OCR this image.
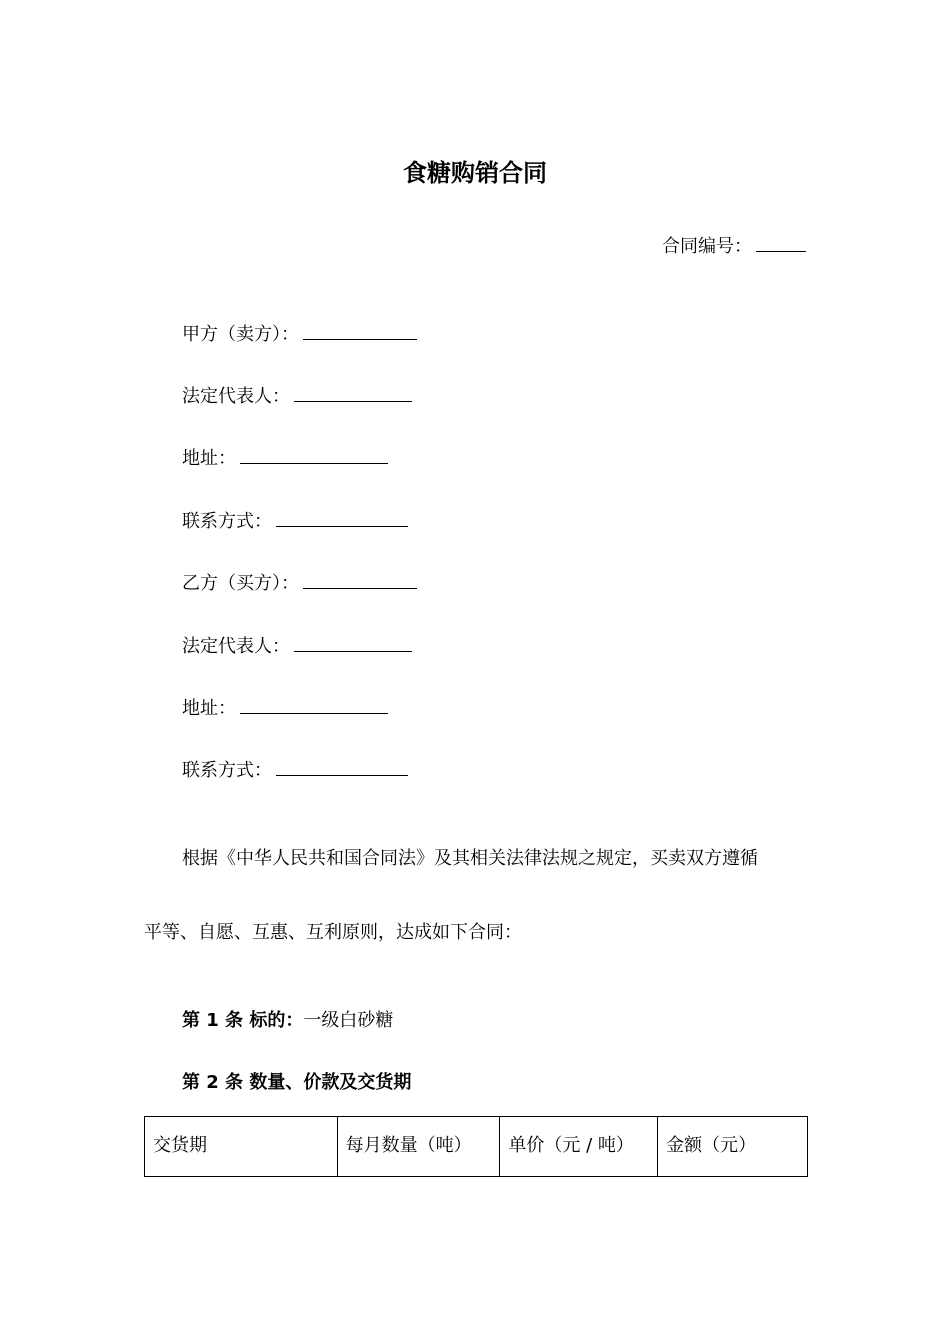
食糖购销合同
合同编号：
甲方（卖方）：
法定代表人：
地址：
联系方式：
乙方（买方）：
法定代表人：
地址：
联系方式：
根据《中华人民共和国合同法》及其相关法律法规之规定，买卖双方遵循
平等、自愿、互惠、互利原则，达成如下合同：
第 1 条 标的：一级白砂糖
第 2 条 数量、价款及交货期
交货期	每月数量（吨）	单价（元 / 吨）	金额（元）
